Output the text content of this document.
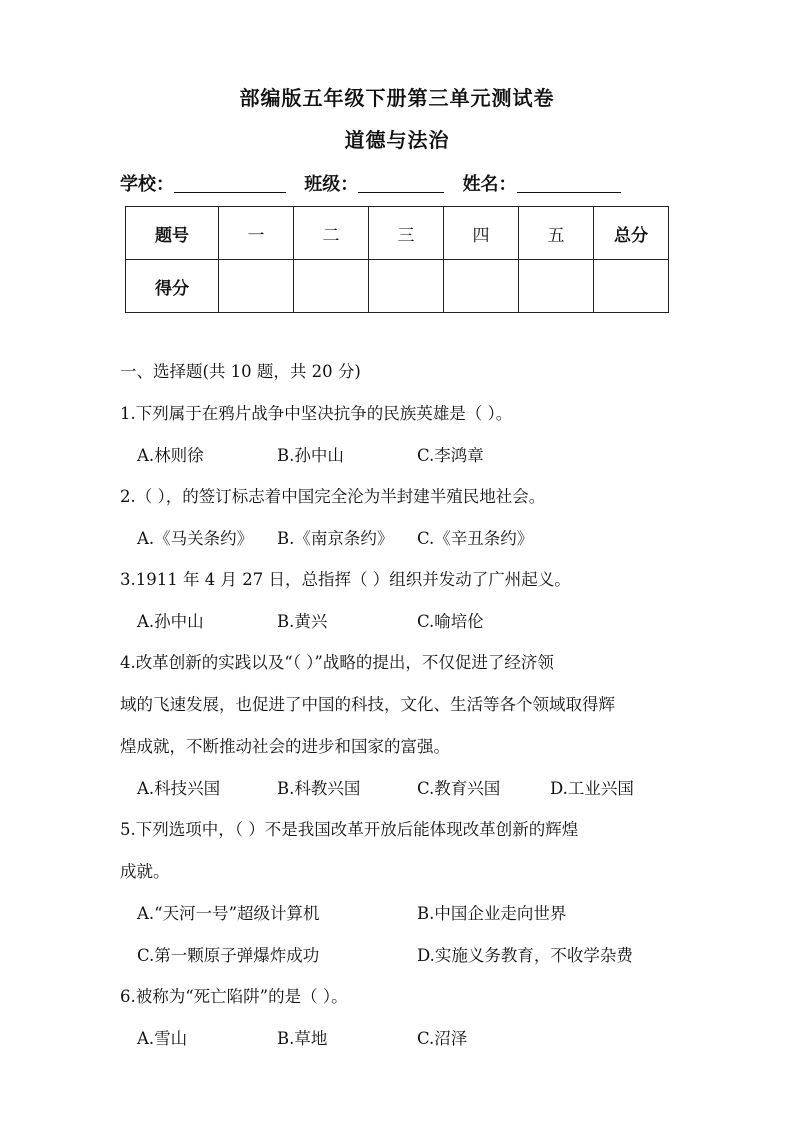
部编版五年级下册第三单元测试卷
道德与法治
学校：	班级：	姓名：
题号	一	二	三	四	五	总分
得分						
一、选择题(共 10 题，共 20 分)
1.下列属于在鸦片战争中坚决抗争的民族英雄是（ ）。
A.林则徐	B.孙中山	C.李鸿章
2.（ ），的签订标志着中国完全沦为半封建半殖民地社会。
A.《马关条约》 B.《南京条约》 C.《辛丑条约》
3.1911 年 4 月 27 日，总指挥（ ）组织并发动了广州起义。
A.孙中山	B.黄兴	C.喻培伦
4.改革创新的实践以及“（ ）”战略的提出，不仅促进了经济领
域的飞速发展，也促进了中国的科技，文化、生活等各个领域取得辉
煌成就，不断推动社会的进步和国家的富强。
A.科技兴国	B.科教兴国	C.教育兴国	D.工业兴国
5.下列选项中，（ ）不是我国改革开放后能体现改革创新的辉煌
成就。
A.“天河一号”超级计算机	B.中国企业走向世界
C.第一颗原子弹爆炸成功	D.实施义务教育，不收学杂费
6.被称为“死亡陷阱”的是（ ）。
A.雪山	B.草地	C.沼泽
